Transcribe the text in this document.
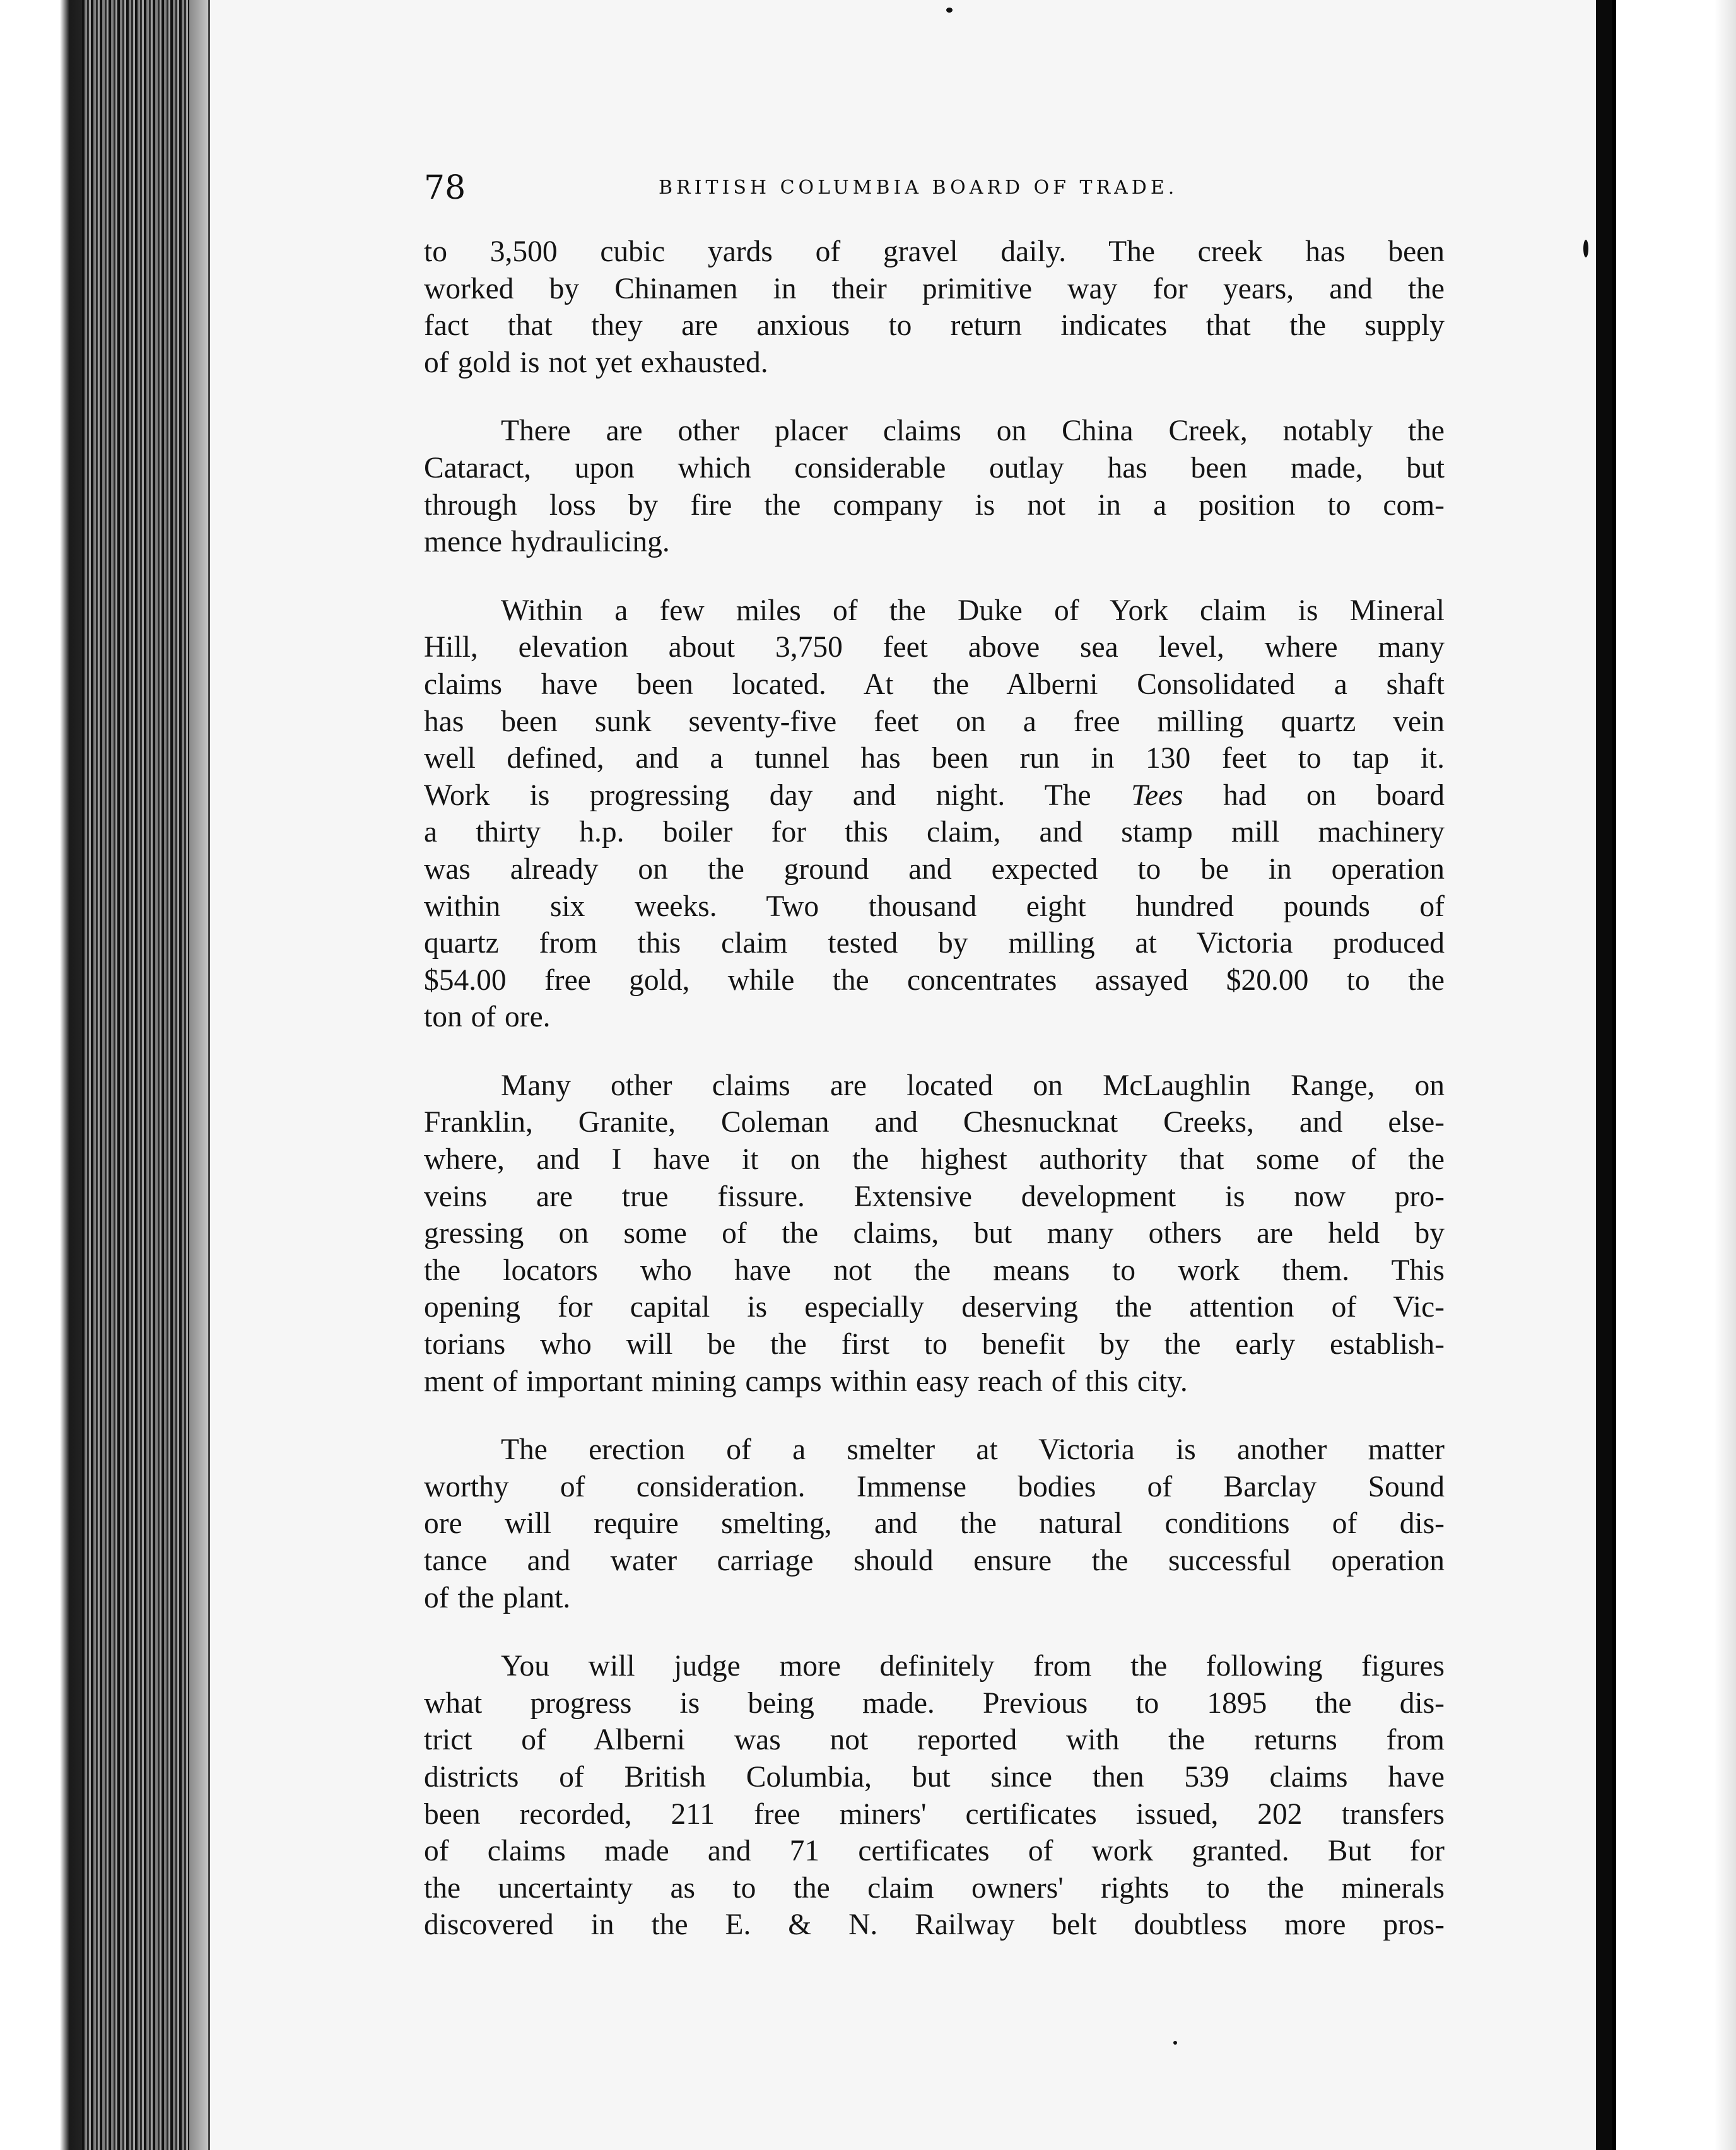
78	BRITISH COLUMBIA BOARD OF TRADE.
to 3,500 cubic yards of gravel daily. The creek has been
worked by Chinamen in their primitive way for years, and the
fact that they are anxious to return indicates that the supply
of gold is not yet exhausted.
There are other placer claims on China Creek, notably the
Cataract, upon which considerable outlay has been made, but
through loss by fire the company is not in a position to com-
mence hydraulicing.
Within a few miles of the Duke of York claim is Mineral
Hill, elevation about 3,750 feet above sea level, where many
claims have been located. At the Alberni Consolidated a shaft
has been sunk seventy-five feet on a free milling quartz vein
well defined, and a tunnel has been run in 130 feet to tap it.
Work is progressing day and night. The Tees had on board
a thirty h.p. boiler for this claim, and stamp mill machinery
was already on the ground and expected to be in operation
within six weeks. Two thousand eight hundred pounds of
quartz from this claim tested by milling at Victoria produced
$54.00 free gold, while the concentrates assayed $20.00 to the
ton of ore.
Many other claims are located on McLaughlin Range, on
Franklin, Granite, Coleman and Chesnucknat Creeks, and else-
where, and I have it on the highest authority that some of the
veins are true fissure. Extensive development is now pro-
gressing on some of the claims, but many others are held by
the locators who have not the means to work them. This
opening for capital is especially deserving the attention of Vic-
torians who will be the first to benefit by the early establish-
ment of important mining camps within easy reach of this city.
The erection of a smelter at Victoria is another matter
worthy of consideration. Immense bodies of Barclay Sound
ore will require smelting, and the natural conditions of dis-
tance and water carriage should ensure the successful operation
of the plant.
You will judge more definitely from the following figures
what progress is being made. Previous to 1895 the dis-
trict of Alberni was not reported with the returns from
districts of British Columbia, but since then 539 claims have
been recorded, 211 free miners' certificates issued, 202 transfers
of claims made and 71 certificates of work granted. But for
the uncertainty as to the claim owners' rights to the minerals
discovered in the E. & N. Railway belt doubtless more pros-
